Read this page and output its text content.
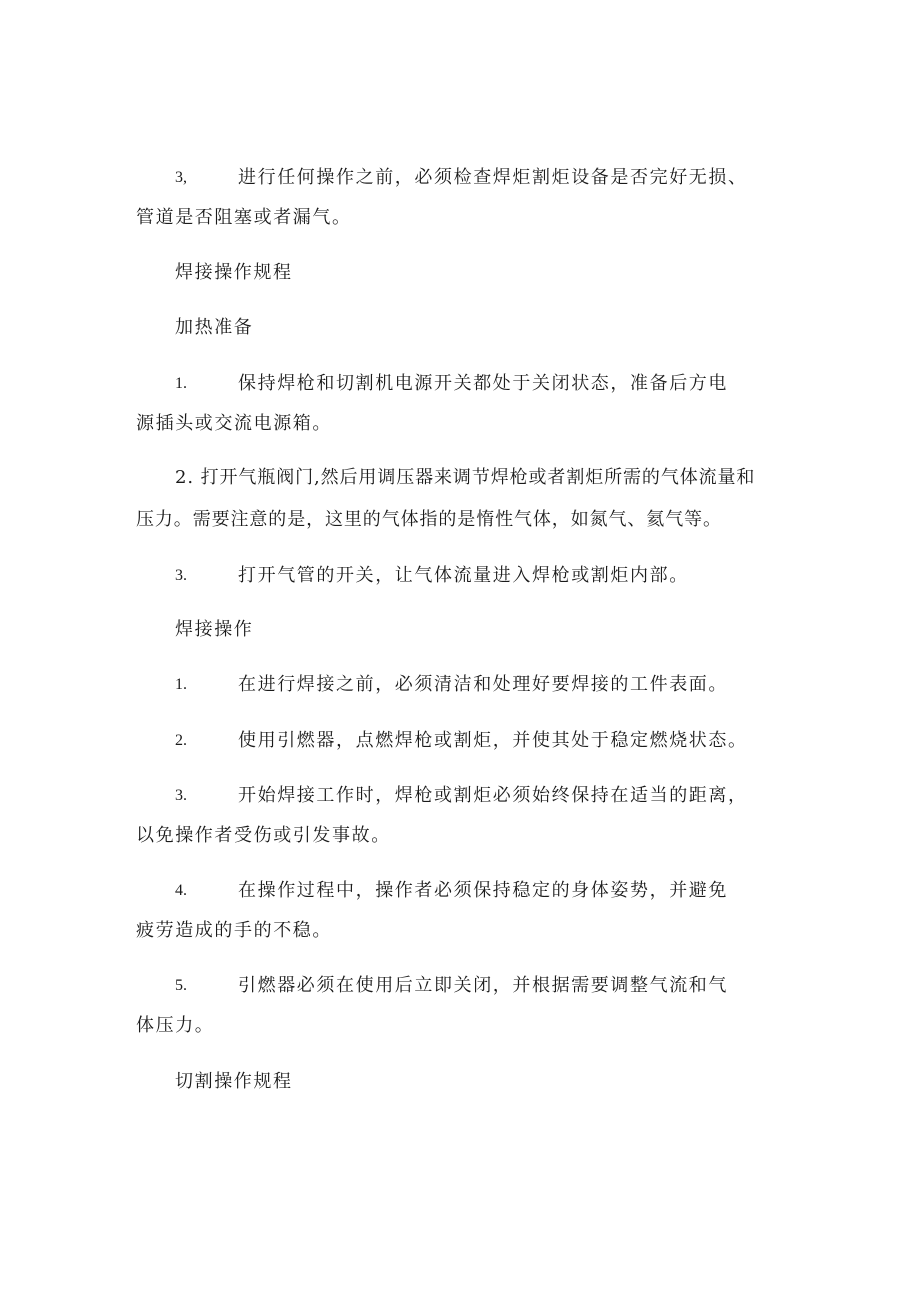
3,	进行任何操作之前，必须检查焊炬割炬设备是否完好无损、
管道是否阻塞或者漏气。
焊接操作规程
加热准备
1.	保持焊枪和切割机电源开关都处于关闭状态，准备后方电
源插头或交流电源箱。
2. 打开气瓶阀门,然后用调压器来调节焊枪或者割炬所需的气体流量和
压力。需要注意的是，这里的气体指的是惰性气体，如氮气、氦气等。
3.	打开气管的开关，让气体流量进入焊枪或割炬内部。
焊接操作
1.	在进行焊接之前，必须清洁和处理好要焊接的工件表面。
2.	使用引燃器，点燃焊枪或割炬，并使其处于稳定燃烧状态。
3.	开始焊接工作时，焊枪或割炬必须始终保持在适当的距离，
以免操作者受伤或引发事故。
4.	在操作过程中，操作者必须保持稳定的身体姿势，并避免
疲劳造成的手的不稳。
5.	引燃器必须在使用后立即关闭，并根据需要调整气流和气
体压力。
切割操作规程
